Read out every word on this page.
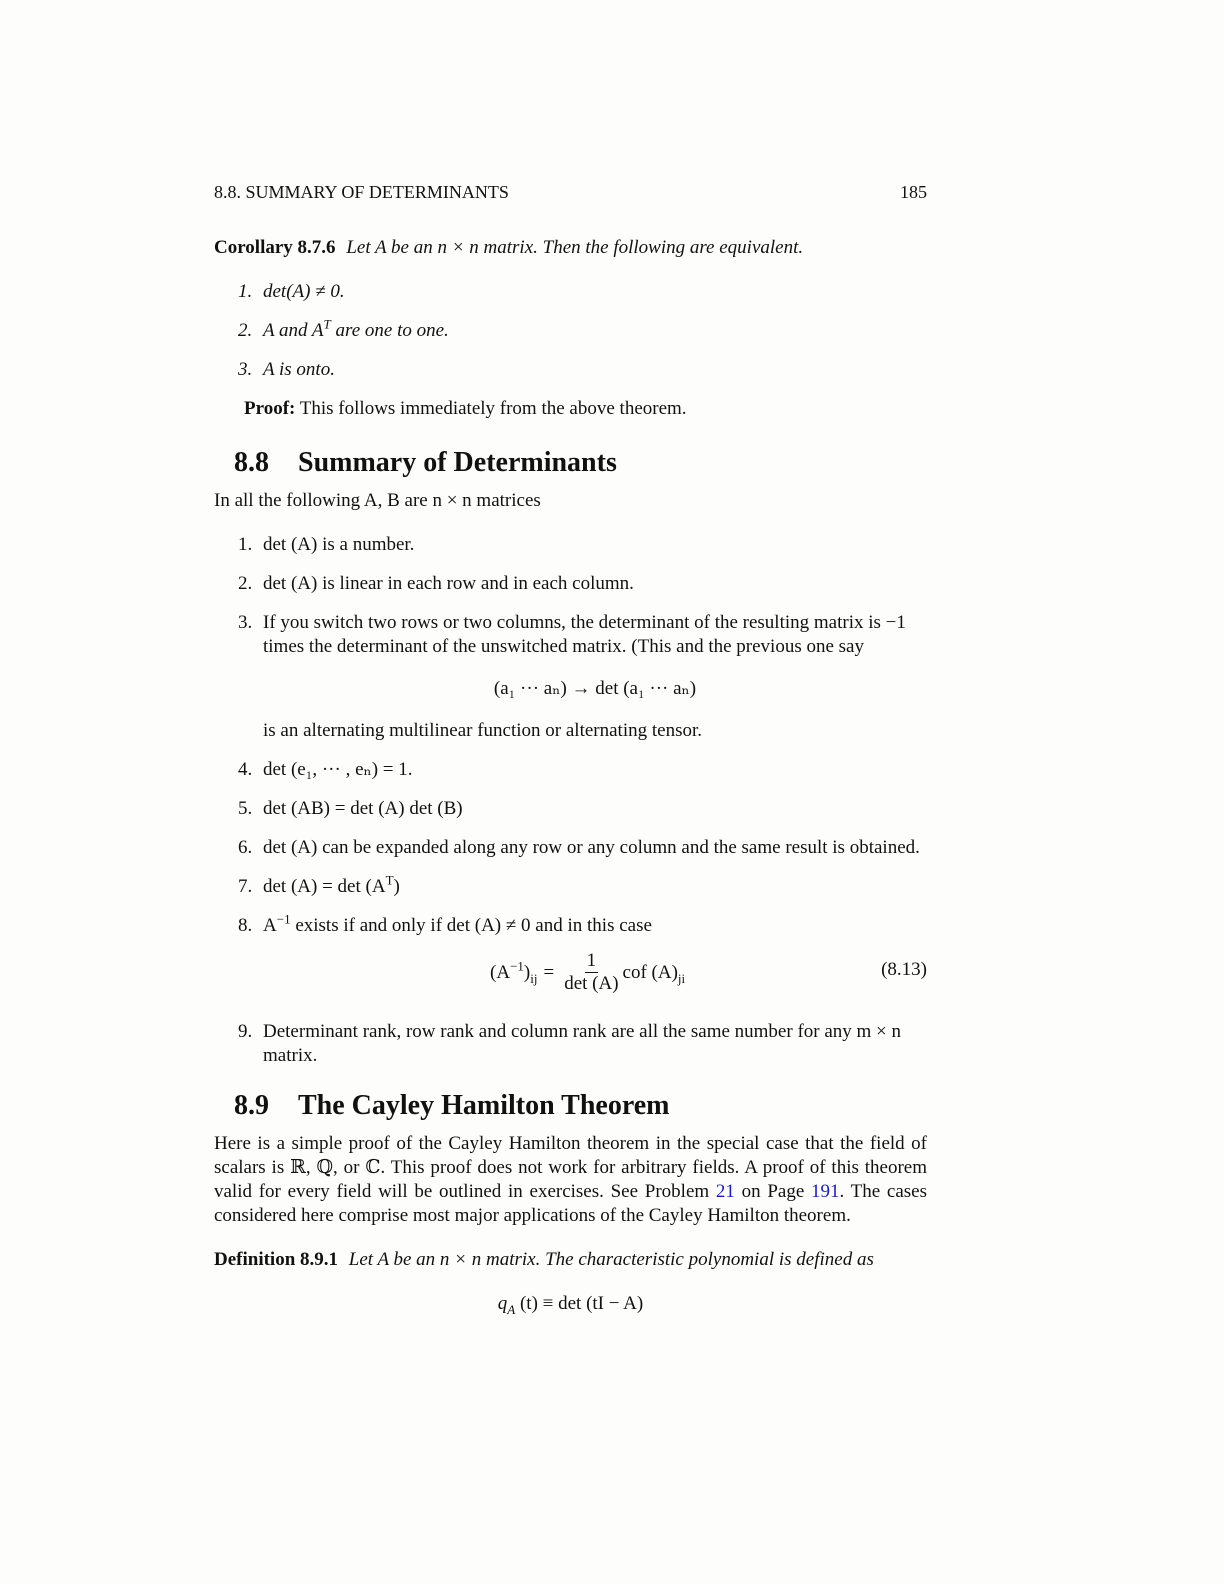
8.8. SUMMARY OF DETERMINANTS	185
Corollary 8.7.6 Let A be an n × n matrix. Then the following are equivalent.
1. det(A) ≠ 0.
2. A and $A^T$ are one to one.
3. A is onto.
Proof: This follows immediately from the above theorem.
8.8 Summary of Determinants
In all the following A, B are n × n matrices
1. det (A) is a number.
2. det (A) is linear in each row and in each column.
3. If you switch two rows or two columns, the determinant of the resulting matrix is −1 times the determinant of the unswitched matrix. (This and the previous one say
(a₁ ··· aₙ) → det (a₁ ··· aₙ)
is an alternating multilinear function or alternating tensor.
4. det (e₁, ··· , eₙ) = 1.
5. det (AB) = det (A) det (B)
6. det (A) can be expanded along any row or any column and the same result is obtained.
7. $\det (A) = \det (A^T)$
8. $A^{-1}$ exists if and only if det (A) ≠ 0 and in this case
$(A^{-1})_{ij} = \frac{1}{\det (A)}$ cof $(A)_{ji}$	(8.13)
9. Determinant rank, row rank and column rank are all the same number for any m × n matrix.
8.9 The Cayley Hamilton Theorem

Here is a simple proof of the Cayley Hamilton theorem in the special case that the field of scalars is ℝ, ℚ, or ℂ. This proof does not work for arbitrary fields. A proof of this theorem valid for every field will be outlined in exercises. See Problem 21 on Page 191. The cases considered here comprise most major applications of the Cayley Hamilton theorem.

Definition 8.9.1 Let A be an n × n matrix. The characteristic polynomial is defined as
$q_A$ (t) ≡ det (tI − A)
